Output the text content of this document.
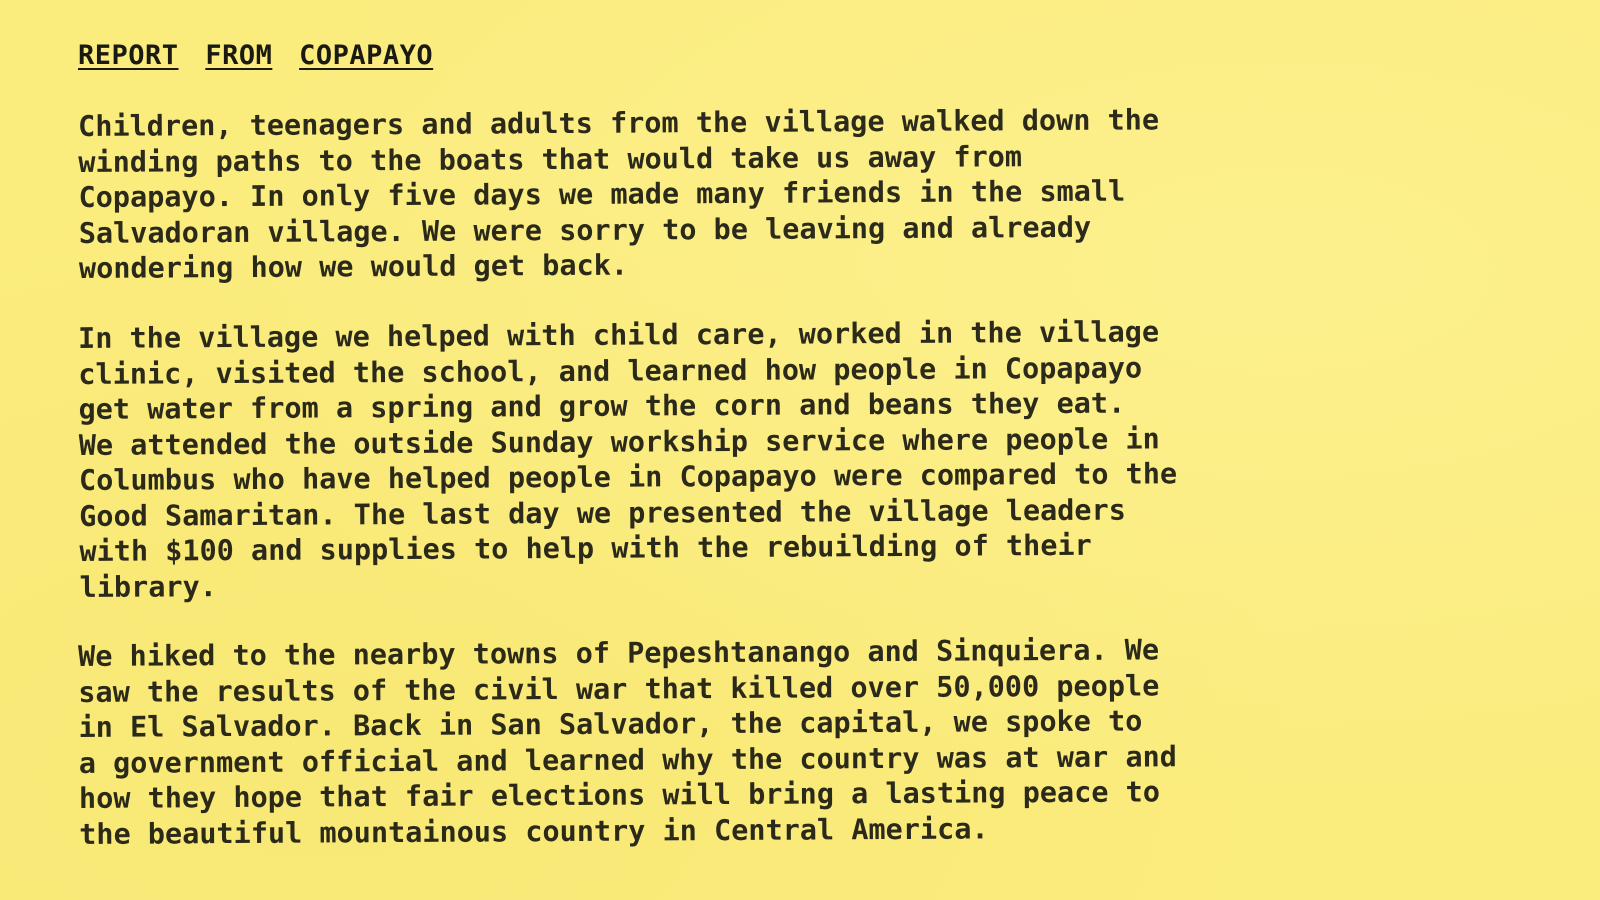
REPORT FROM COPAPAYO

Children, teenagers and adults from the village walked down the
winding paths to the boats that would take us away from
Copapayo. In only five days we made many friends in the small
Salvadoran village. We were sorry to be leaving and already
wondering how we would get back.

In the village we helped with child care, worked in the village
clinic, visited the school, and learned how people in Copapayo
get water from a spring and grow the corn and beans they eat.
We attended the outside Sunday workship service where people in
Columbus who have helped people in Copapayo were compared to the
Good Samaritan. The last day we presented the village leaders
with $100 and supplies to help with the rebuilding of their
library.

We hiked to the nearby towns of Pepeshtanango and Sinquiera. We
saw the results of the civil war that killed over 50,000 people
in El Salvador. Back in San Salvador, the capital, we spoke to
a government official and learned why the country was at war and
how they hope that fair elections will bring a lasting peace to
the beautiful mountainous country in Central America.
